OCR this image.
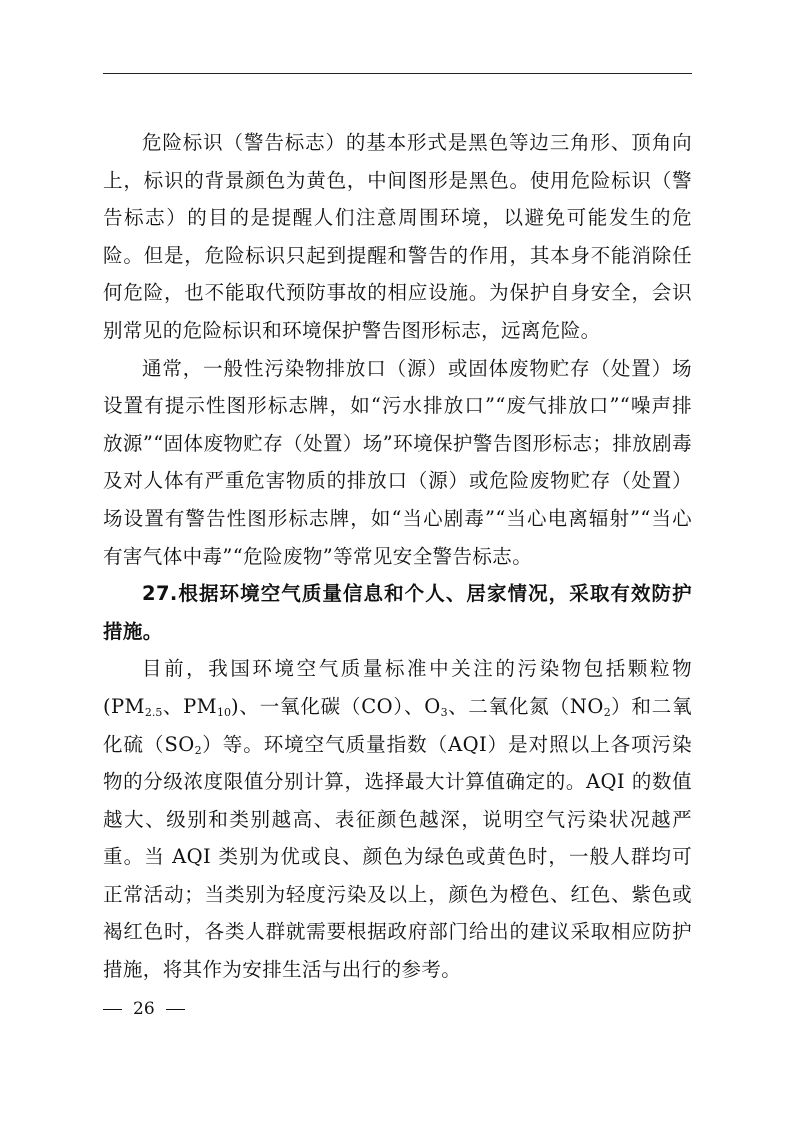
危险标识（警告标志）的基本形式是黑色等边三角形、顶角向上，标识的背景颜色为黄色，中间图形是黑色。使用危险标识（警告标志）的目的是提醒人们注意周围环境，以避免可能发生的危险。但是，危险标识只起到提醒和警告的作用，其本身不能消除任何危险，也不能取代预防事故的相应设施。为保护自身安全，会识别常见的危险标识和环境保护警告图形标志，远离危险。

通常，一般性污染物排放口（源）或固体废物贮存（处置）场设置有提示性图形标志牌，如“污水排放口”“废气排放口”“噪声排放源”“固体废物贮存（处置）场”环境保护警告图形标志；排放剧毒及对人体有严重危害物质的排放口（源）或危险废物贮存（处置）场设置有警告性图形标志牌，如“当心剧毒”“当心电离辐射”“当心有害气体中毒”“危险废物”等常见安全警告标志。

27.根据环境空气质量信息和个人、居家情况，采取有效防护措施。

目前，我国环境空气质量标准中关注的污染物包括颗粒物($PM_{2.5}$、$PM_{10}$)、一氧化碳（CO）、$O_3$、二氧化氮$(NO_2)$和二氧化硫$(SO_2)$等。环境空气质量指数（AQI）是对照以上各项污染物的分级浓度限值分别计算，选择最大计算值确定的。AQI 的数值越大、级别和类别越高、表征颜色越深，说明空气污染状况越严重。当 AQI 类别为优或良、颜色为绿色或黄色时，一般人群均可正常活动；当类别为轻度污染及以上，颜色为橙色、红色、紫色或褐红色时，各类人群就需要根据政府部门给出的建议采取相应防护措施，将其作为安排生活与出行的参考。

26
